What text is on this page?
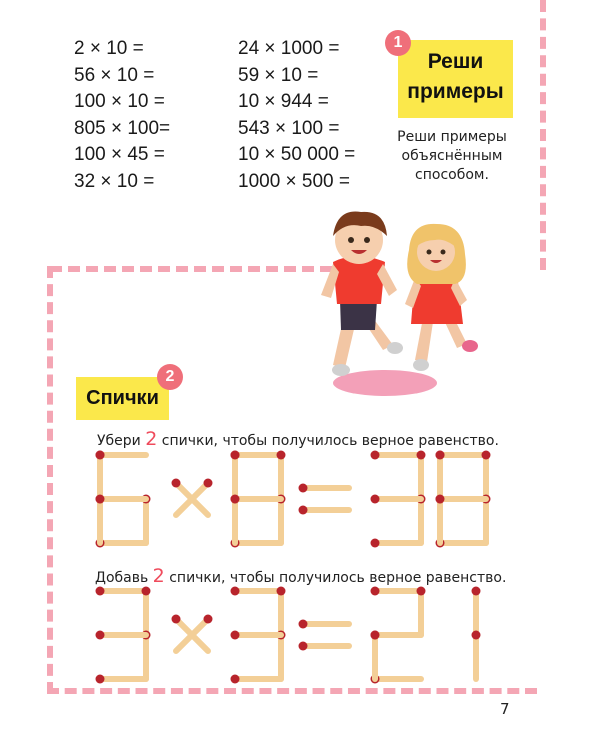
2 × 10 =
56 × 10 =
100 × 10 =
805 × 100=
100 × 45 =
32 × 10 =
24 × 1000 =
59 × 10 =
10 × 944 =
543 × 100 =
10 × 50 000 =
1000 × 500 =
Реши
примеры
1
Реши примеры
объяснённым
способом.
Спички
2
Убери 2 спички, чтобы получилось верное равенство.
Добавь 2 спички, чтобы получилось верное равенство.
7
